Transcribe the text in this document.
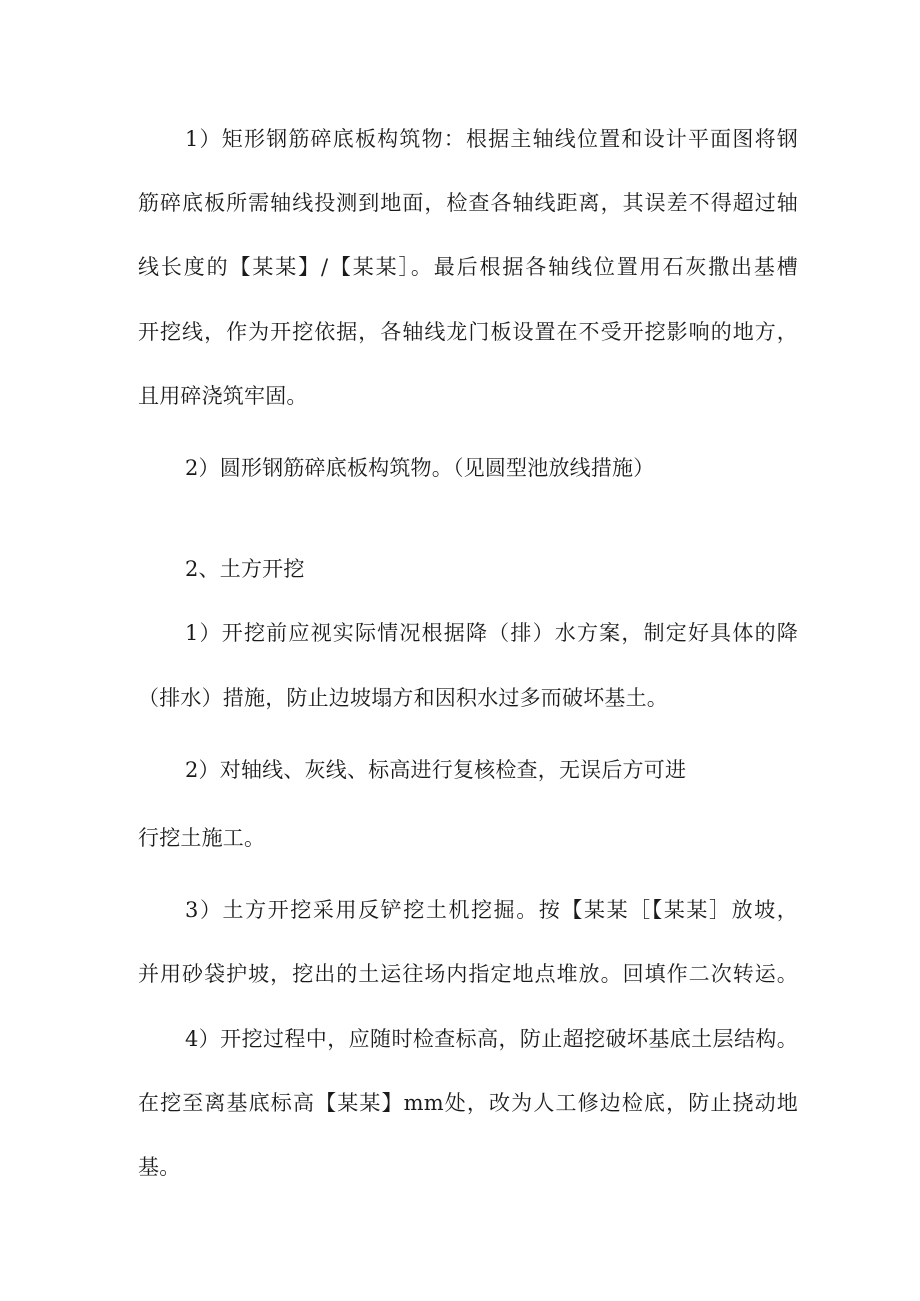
1）矩形钢筋碎底板构筑物：根据主轴线位置和设计平面图将钢
筋碎底板所需轴线投测到地面，检查各轴线距离，其误差不得超过轴
线长度的【某某】/【某某］。最后根据各轴线位置用石灰撒出基槽
开挖线，作为开挖依据，各轴线龙门板设置在不受开挖影响的地方，
且用碎浇筑牢固。
2）圆形钢筋碎底板构筑物。（见圆型池放线措施）
2、土方开挖
1）开挖前应视实际情况根据降（排）水方案，制定好具体的降
（排水）措施，防止边坡塌方和因积水过多而破坏基土。
2）对轴线、灰线、标高进行复核检查，无误后方可进
行挖土施工。
3）土方开挖采用反铲挖土机挖掘。按【某某［【某某］放坡，
并用砂袋护坡，挖出的土运往场内指定地点堆放。回填作二次转运。
4）开挖过程中，应随时检查标高，防止超挖破坏基底土层结构。
在挖至离基底标高【某某】mm处，改为人工修边检底，防止挠动地
基。
